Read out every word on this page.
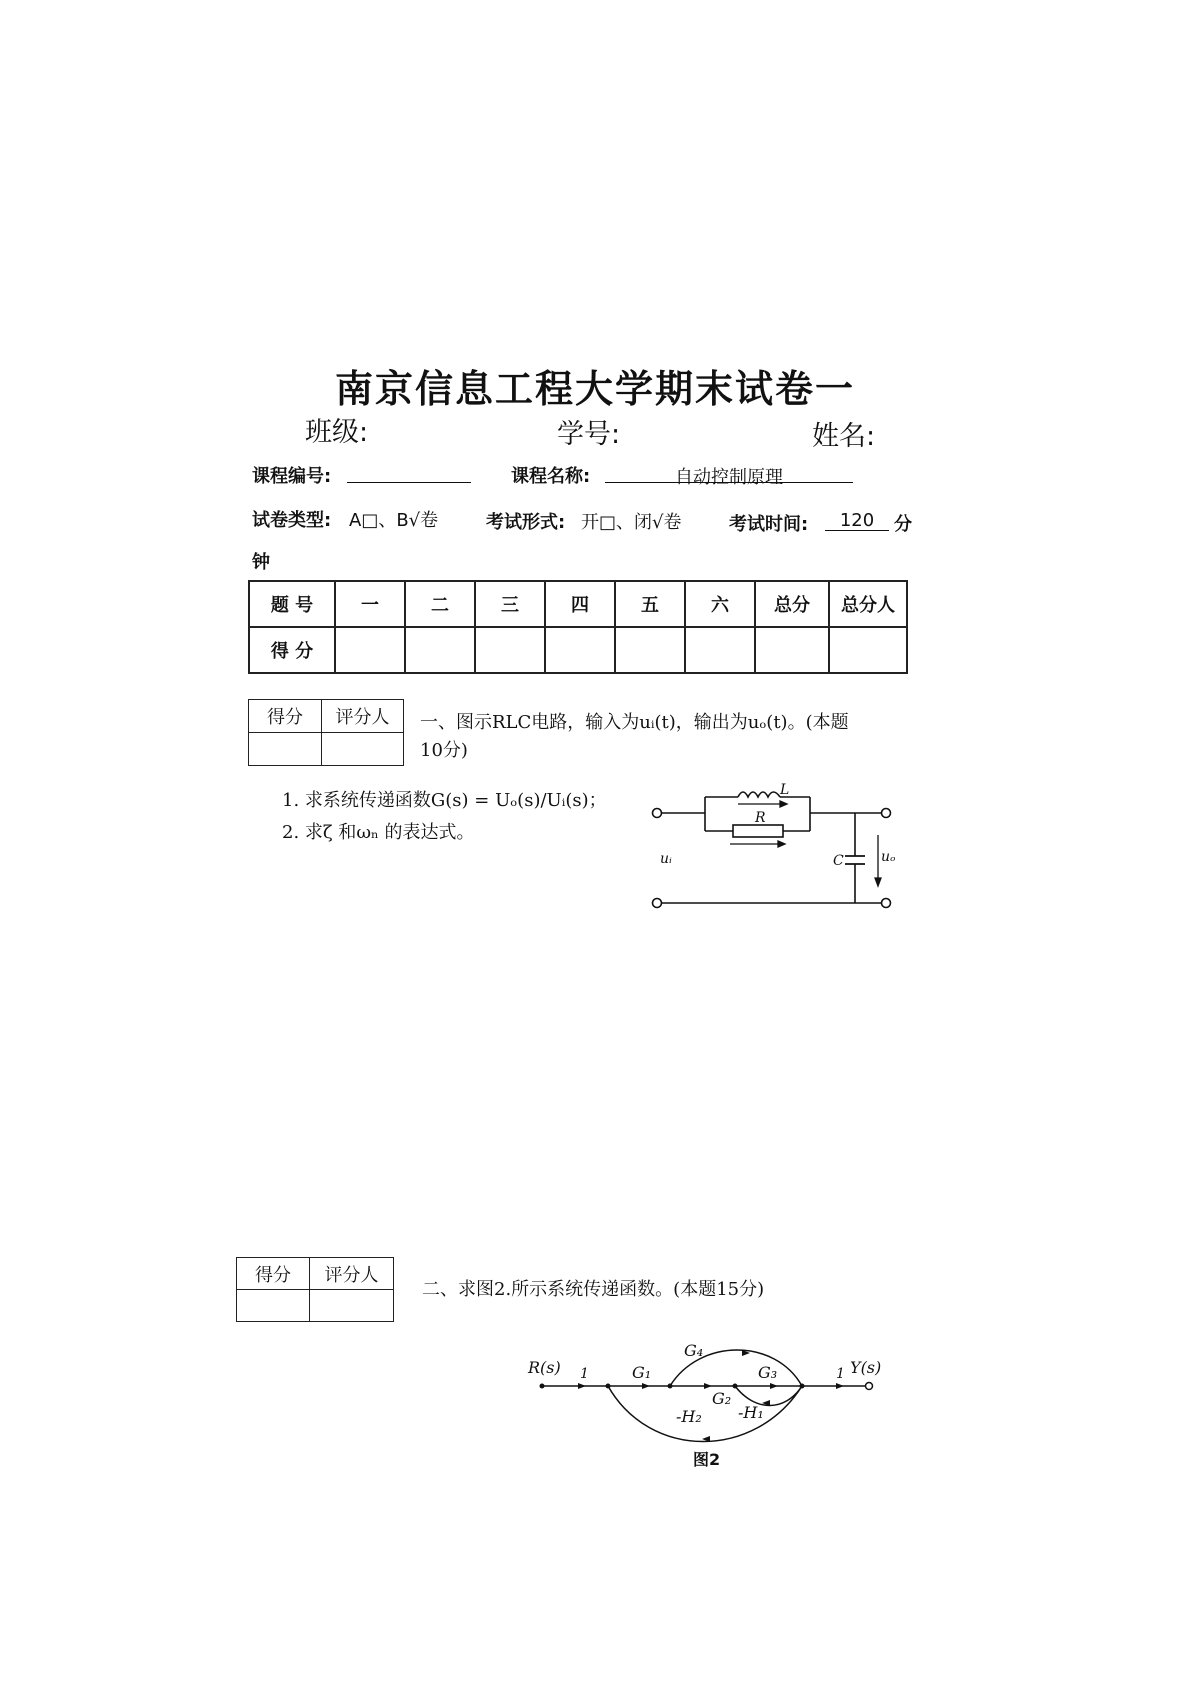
南京信息工程大学期末试卷一
班级:	学号:	姓名:
课程编号:	课程名称:	自动控制原理
试卷类型: A□、B√卷	考试形式: 开□、闭√卷	考试时间:	120	分
钟
题 号	一	二	三	四	五	六	总分	总分人
得 分								
得分	评分人
	一、图示RLC电路，输入为uᵢ(t)，输出为uₒ(t)。(本题
10分)
1. 求系统传递函数G(s) = Uₒ(s)/Uᵢ(s)；
2. 求ζ 和ωₙ 的表达式。
L
R
C
uᵢ	uₒ
得分	评分人

二、求图2.所示系统传递函数。(本题15分)
R(s) 1	G₁
G₂
G₃
G₄
-H₁
-H₂
1 Y(s)
图2
